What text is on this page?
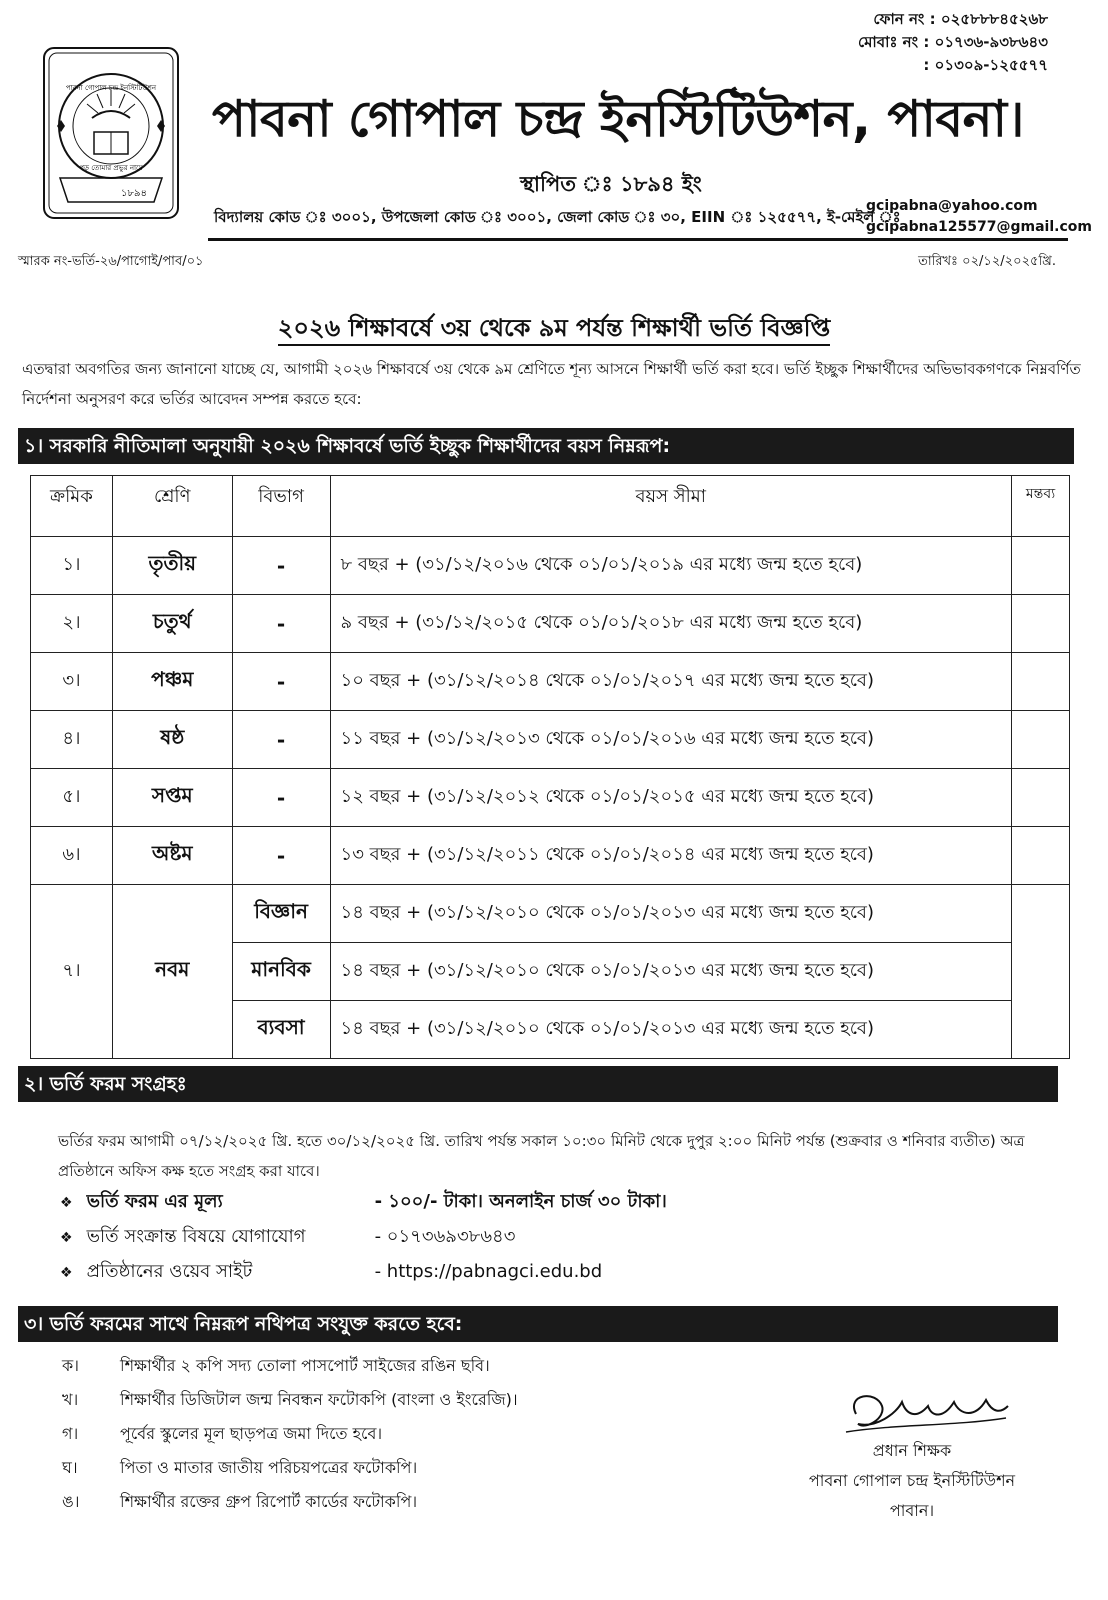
ফোন নং : ০২৫৮৮৮৪৫২৬৮
মোবাঃ নং : ০১৭৩৬-৯৩৮৬৪৩
: ০১৩০৯-১২৫৫৭৭
পাবনা গোপাল চন্দ্র ইনস্টিটিউশন
পড় তোমার প্রভুর নামে
১৮৯৪
পাবনা গোপাল চন্দ্র ইনস্টিটিউশন, পাবনা।
স্থাপিত ঃ ১৮৯৪ ইং
বিদ্যালয় কোড ঃ ৩০০১, উপজেলা কোড ঃ ৩০০১, জেলা কোড ঃ ৩০, EIIN ঃ ১২৫৫৭৭, ই-মেইল ঃ
gcipabna@yahoo.com
gcipabna125577@gmail.com
স্মারক নং-ভর্তি-২৬/পাগোই/পাব/০১	তারিখঃ ০২/১২/২০২৫খ্রি.
২০২৬ শিক্ষাবর্ষে ৩য় থেকে ৯ম পর্যন্ত শিক্ষার্থী ভর্তি বিজ্ঞপ্তি
এতদ্বারা অবগতির জন্য জানানো যাচ্ছে যে, আগামী ২০২৬ শিক্ষাবর্ষে ৩য় থেকে ৯ম শ্রেণিতে শূন্য আসনে শিক্ষার্থী ভর্তি করা হবে। ভর্তি ইচ্ছুক শিক্ষার্থীদের অভিভাবকগণকে নিম্নবর্ণিত নির্দেশনা অনুসরণ করে ভর্তির আবেদন সম্পন্ন করতে হবে:
১। সরকারি নীতিমালা অনুযায়ী ২০২৬ শিক্ষাবর্ষে ভর্তি ইচ্ছুক শিক্ষার্থীদের বয়স নিম্নরূপ:
ক্রমিক	শ্রেণি	বিভাগ	বয়স সীমা	মন্তব্য
১।	তৃতীয়	-	৮ বছর + (৩১/১২/২০১৬ থেকে ০১/০১/২০১৯ এর মধ্যে জন্ম হতে হবে)	
২।	চতুর্থ	-	৯ বছর + (৩১/১২/২০১৫ থেকে ০১/০১/২০১৮ এর মধ্যে জন্ম হতে হবে)	
৩।	পঞ্চম	-	১০ বছর + (৩১/১২/২০১৪ থেকে ০১/০১/২০১৭ এর মধ্যে জন্ম হতে হবে)	
৪।	ষষ্ঠ	-	১১ বছর + (৩১/১২/২০১৩ থেকে ০১/০১/২০১৬ এর মধ্যে জন্ম হতে হবে)	
৫।	সপ্তম	-	১২ বছর + (৩১/১২/২০১২ থেকে ০১/০১/২০১৫ এর মধ্যে জন্ম হতে হবে)	
৬।	অষ্টম	-	১৩ বছর + (৩১/১২/২০১১ থেকে ০১/০১/২০১৪ এর মধ্যে জন্ম হতে হবে)	
৭।	নবম	বিজ্ঞান	১৪ বছর + (৩১/১২/২০১০ থেকে ০১/০১/২০১৩ এর মধ্যে জন্ম হতে হবে)	
		মানবিক	১৪ বছর + (৩১/১২/২০১০ থেকে ০১/০১/২০১৩ এর মধ্যে জন্ম হতে হবে)	
		ব্যবসা	১৪ বছর + (৩১/১২/২০১০ থেকে ০১/০১/২০১৩ এর মধ্যে জন্ম হতে হবে)	
২। ভর্তি ফরম সংগ্রহঃ
ভর্তির ফরম আগামী ০৭/১২/২০২৫ খ্রি. হতে ৩০/১২/২০২৫ খ্রি. তারিখ পর্যন্ত সকাল ১০:৩০ মিনিট থেকে দুপুর ২:০০ মিনিট পর্যন্ত (শুক্রবার ও শনিবার ব্যতীত) অত্র প্রতিষ্ঠানে অফিস কক্ষ হতে সংগ্রহ করা যাবে।
❖ ভর্তি ফরম এর মূল্য	- ১০০/- টাকা। অনলাইন চার্জ ৩০ টাকা।
❖ ভর্তি সংক্রান্ত বিষয়ে যোগাযোগ	- ০১৭৩৬৯৩৮৬৪৩
❖ প্রতিষ্ঠানের ওয়েব সাইট	- https://pabnagci.edu.bd
৩। ভর্তি ফরমের সাথে নিম্নরূপ নথিপত্র সংযুক্ত করতে হবে:
ক।	শিক্ষার্থীর ২ কপি সদ্য তোলা পাসপোর্ট সাইজের রঙিন ছবি।
খ।	শিক্ষার্থীর ডিজিটাল জন্ম নিবন্ধন ফটোকপি (বাংলা ও ইংরেজি)।
গ।	পূর্বের স্কুলের মূল ছাড়পত্র জমা দিতে হবে।
ঘ।	পিতা ও মাতার জাতীয় পরিচয়পত্রের ফটোকপি।
ঙ।	শিক্ষার্থীর রক্তের গ্রুপ রিপোর্ট কার্ডের ফটোকপি।
প্রধান শিক্ষক
পাবনা গোপাল চন্দ্র ইনস্টিটিউশন
পাবান।
